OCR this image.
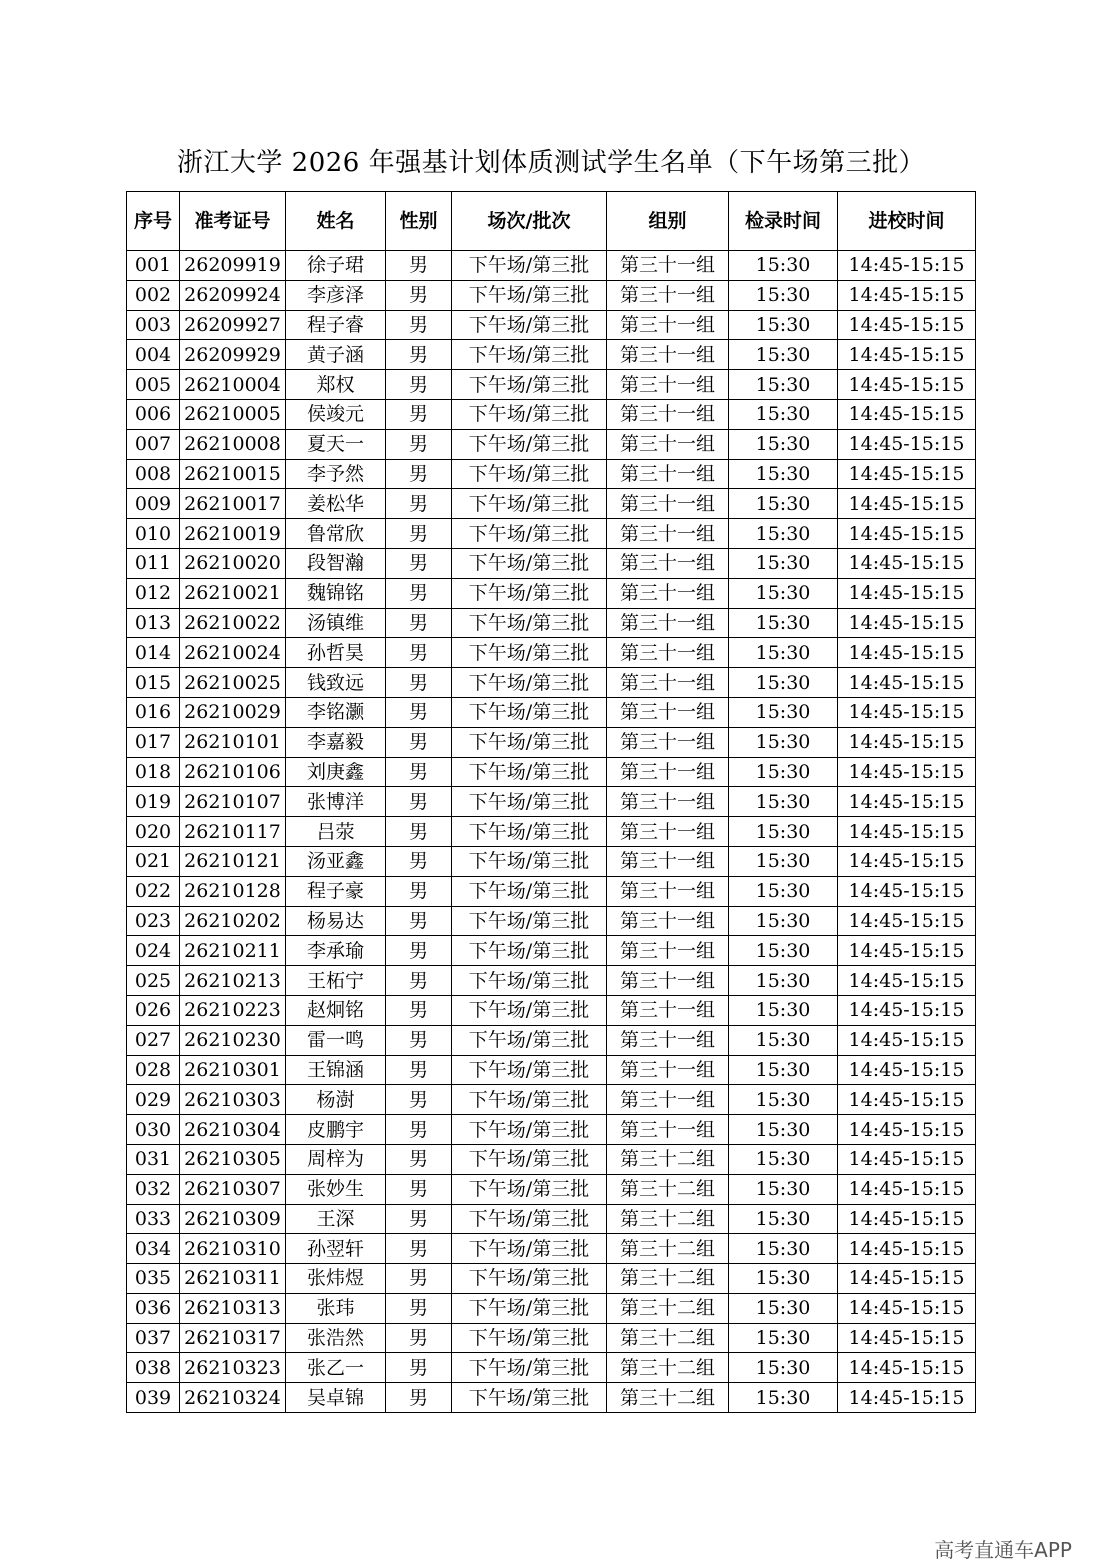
浙江大学 2026 年强基计划体质测试学生名单（下午场第三批）
序号	准考证号	姓名	性别	场次/批次	组别	检录时间	进校时间
001	26209919	徐子珺	男	下午场/第三批	第三十一组	15:30	14:45-15:15
002	26209924	李彦泽	男	下午场/第三批	第三十一组	15:30	14:45-15:15
003	26209927	程子睿	男	下午场/第三批	第三十一组	15:30	14:45-15:15
004	26209929	黄子涵	男	下午场/第三批	第三十一组	15:30	14:45-15:15
005	26210004	郑权	男	下午场/第三批	第三十一组	15:30	14:45-15:15
006	26210005	侯竣元	男	下午场/第三批	第三十一组	15:30	14:45-15:15
007	26210008	夏天一	男	下午场/第三批	第三十一组	15:30	14:45-15:15
008	26210015	李予然	男	下午场/第三批	第三十一组	15:30	14:45-15:15
009	26210017	姜松华	男	下午场/第三批	第三十一组	15:30	14:45-15:15
010	26210019	鲁常欣	男	下午场/第三批	第三十一组	15:30	14:45-15:15
011	26210020	段智瀚	男	下午场/第三批	第三十一组	15:30	14:45-15:15
012	26210021	魏锦铭	男	下午场/第三批	第三十一组	15:30	14:45-15:15
013	26210022	汤镇维	男	下午场/第三批	第三十一组	15:30	14:45-15:15
014	26210024	孙哲昊	男	下午场/第三批	第三十一组	15:30	14:45-15:15
015	26210025	钱致远	男	下午场/第三批	第三十一组	15:30	14:45-15:15
016	26210029	李铭灏	男	下午场/第三批	第三十一组	15:30	14:45-15:15
017	26210101	李嘉毅	男	下午场/第三批	第三十一组	15:30	14:45-15:15
018	26210106	刘庚鑫	男	下午场/第三批	第三十一组	15:30	14:45-15:15
019	26210107	张博洋	男	下午场/第三批	第三十一组	15:30	14:45-15:15
020	26210117	吕荥	男	下午场/第三批	第三十一组	15:30	14:45-15:15
021	26210121	汤亚鑫	男	下午场/第三批	第三十一组	15:30	14:45-15:15
022	26210128	程子豪	男	下午场/第三批	第三十一组	15:30	14:45-15:15
023	26210202	杨易达	男	下午场/第三批	第三十一组	15:30	14:45-15:15
024	26210211	李承瑜	男	下午场/第三批	第三十一组	15:30	14:45-15:15
025	26210213	王柘宁	男	下午场/第三批	第三十一组	15:30	14:45-15:15
026	26210223	赵炯铭	男	下午场/第三批	第三十一组	15:30	14:45-15:15
027	26210230	雷一鸣	男	下午场/第三批	第三十一组	15:30	14:45-15:15
028	26210301	王锦涵	男	下午场/第三批	第三十一组	15:30	14:45-15:15
029	26210303	杨澍	男	下午场/第三批	第三十一组	15:30	14:45-15:15
030	26210304	皮鹏宇	男	下午场/第三批	第三十一组	15:30	14:45-15:15
031	26210305	周梓为	男	下午场/第三批	第三十二组	15:30	14:45-15:15
032	26210307	张妙生	男	下午场/第三批	第三十二组	15:30	14:45-15:15
033	26210309	王深	男	下午场/第三批	第三十二组	15:30	14:45-15:15
034	26210310	孙翌轩	男	下午场/第三批	第三十二组	15:30	14:45-15:15
035	26210311	张炜煜	男	下午场/第三批	第三十二组	15:30	14:45-15:15
036	26210313	张玮	男	下午场/第三批	第三十二组	15:30	14:45-15:15
037	26210317	张浩然	男	下午场/第三批	第三十二组	15:30	14:45-15:15
038	26210323	张乙一	男	下午场/第三批	第三十二组	15:30	14:45-15:15
039	26210324	吴卓锦	男	下午场/第三批	第三十二组	15:30	14:45-15:15
高考直通车APP
